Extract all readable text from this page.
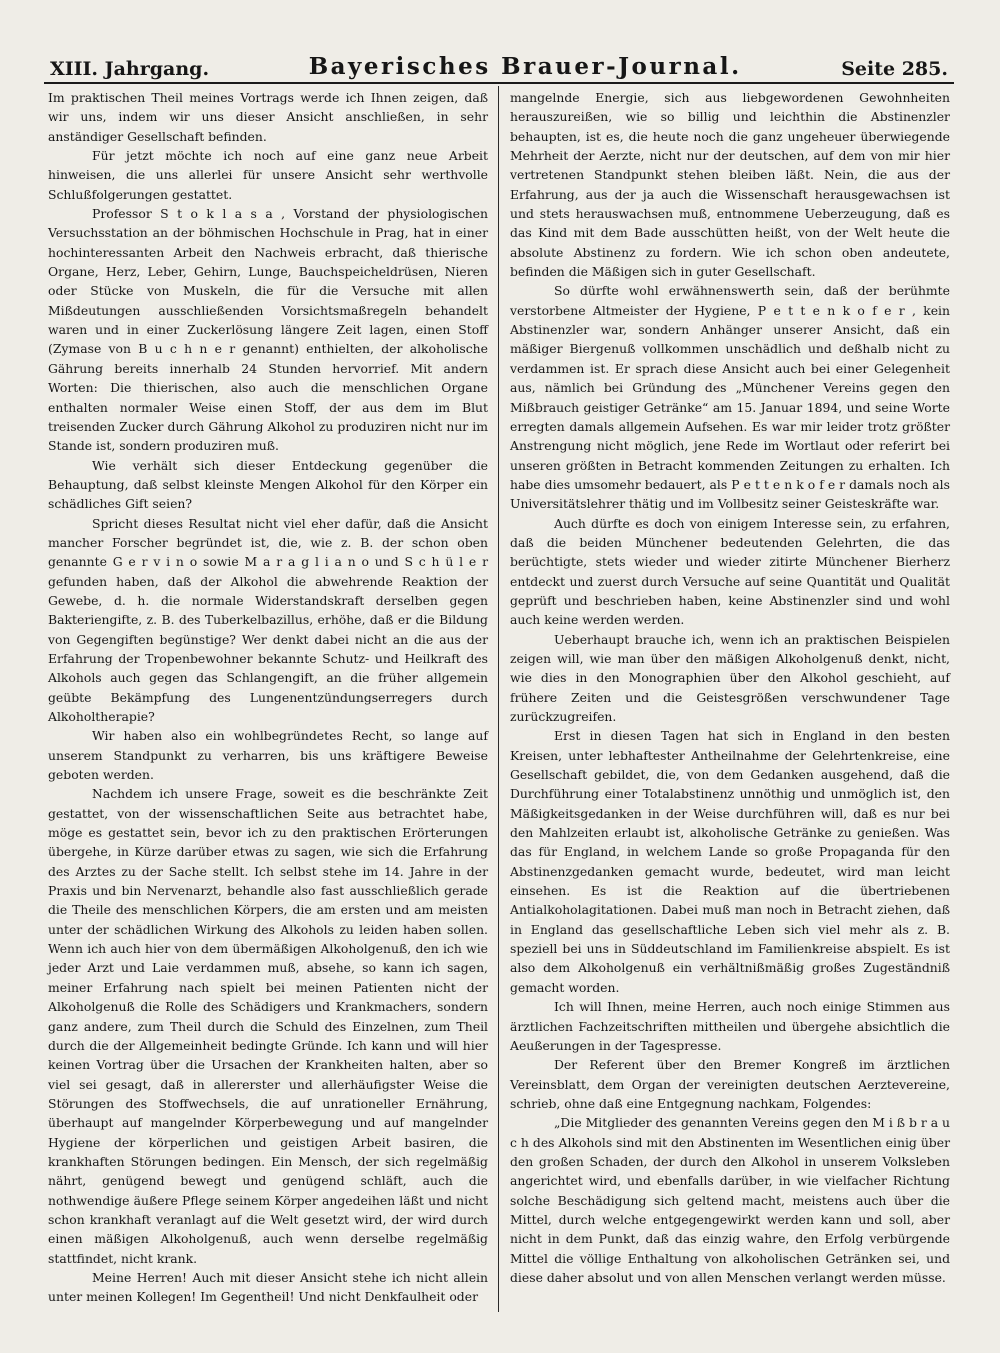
XIII. Jahrgang.	Bayerisches Brauer-Journal.	Seite 285.

Im praktischen Theil meines Vortrags werde ich Ihnen zeigen, daß wir uns, indem wir uns dieser Ansicht anschließen, in sehr anständiger Gesellschaft befinden.

Für jetzt möchte ich noch auf eine ganz neue Arbeit hinweisen, die uns allerlei für unsere Ansicht sehr werthvolle Schlußfolgerungen gestattet.

Professor S t o k l a s a , Vorstand der physiologischen Versuchsstation an der böhmischen Hochschule in Prag, hat in einer hochinteressanten Arbeit den Nachweis erbracht, daß thierische Organe, Herz, Leber, Gehirn, Lunge, Bauchspeicheldrüsen, Nieren oder Stücke von Muskeln, die für die Versuche mit allen Mißdeutungen ausschließenden Vorsichtsmaßregeln behandelt waren und in einer Zuckerlösung längere Zeit lagen, einen Stoff (Zymase von B u c h n e r genannt) enthielten, der alkoholische Gährung bereits innerhalb 24 Stunden hervorrief. Mit andern Worten: Die thierischen, also auch die menschlichen Organe enthalten normaler Weise einen Stoff, der aus dem im Blut treisenden Zucker durch Gährung Alkohol zu produziren nicht nur im Stande ist, sondern produziren muß.

Wie verhält sich dieser Entdeckung gegenüber die Behauptung, daß selbst kleinste Mengen Alkohol für den Körper ein schädliches Gift seien?

Spricht dieses Resultat nicht viel eher dafür, daß die Ansicht mancher Forscher begründet ist, die, wie z. B. der schon oben genannte G e r v i n o sowie M a r a g l i a n o und S c h ü l e r gefunden haben, daß der Alkohol die abwehrende Reaktion der Gewebe, d. h. die normale Widerstandskraft derselben gegen Bakteriengifte, z. B. des Tuberkelbazillus, erhöhe, daß er die Bildung von Gegengiften begünstige? Wer denkt dabei nicht an die aus der Erfahrung der Tropenbewohner bekannte Schutz- und Heilkraft des Alkohols auch gegen das Schlangengift, an die früher allgemein geübte Bekämpfung des Lungenentzündungserregers durch Alkoholtherapie?

Wir haben also ein wohlbegründetes Recht, so lange auf unserem Standpunkt zu verharren, bis uns kräftigere Beweise geboten werden.

Nachdem ich unsere Frage, soweit es die beschränkte Zeit gestattet, von der wissenschaftlichen Seite aus betrachtet habe, möge es gestattet sein, bevor ich zu den praktischen Erörterungen übergehe, in Kürze darüber etwas zu sagen, wie sich die Erfahrung des Arztes zu der Sache stellt. Ich selbst stehe im 14. Jahre in der Praxis und bin Nervenarzt, behandle also fast ausschließlich gerade die Theile des menschlichen Körpers, die am ersten und am meisten unter der schädlichen Wirkung des Alkohols zu leiden haben sollen. Wenn ich auch hier von dem übermäßigen Alkoholgenuß, den ich wie jeder Arzt und Laie verdammen muß, absehe, so kann ich sagen, meiner Erfahrung nach spielt bei meinen Patienten nicht der Alkoholgenuß die Rolle des Schädigers und Krankmachers, sondern ganz andere, zum Theil durch die Schuld des Einzelnen, zum Theil durch die der Allgemeinheit bedingte Gründe. Ich kann und will hier keinen Vortrag über die Ursachen der Krankheiten halten, aber so viel sei gesagt, daß in allererster und allerhäufigster Weise die Störungen des Stoffwechsels, die auf unrationeller Ernährung, überhaupt auf mangelnder Körperbewegung und auf mangelnder Hygiene der körperlichen und geistigen Arbeit basiren, die krankhaften Störungen bedingen. Ein Mensch, der sich regelmäßig nährt, genügend bewegt und genügend schläft, auch die nothwendige äußere Pflege seinem Körper angedeihen läßt und nicht schon krankhaft veranlagt auf die Welt gesetzt wird, der wird durch einen mäßigen Alkoholgenuß, auch wenn derselbe regelmäßig stattfindet, nicht krank.

Meine Herren! Auch mit dieser Ansicht stehe ich nicht allein unter meinen Kollegen! Im Gegentheil! Und nicht Denkfaulheit oder

mangelnde Energie, sich aus liebgewordenen Gewohnheiten herauszureißen, wie so billig und leichthin die Abstinenzler behaupten, ist es, die heute noch die ganz ungeheuer überwiegende Mehrheit der Aerzte, nicht nur der deutschen, auf dem von mir hier vertretenen Standpunkt stehen bleiben läßt. Nein, die aus der Erfahrung, aus der ja auch die Wissenschaft herausgewachsen ist und stets herauswachsen muß, entnommene Ueberzeugung, daß es das Kind mit dem Bade ausschütten heißt, von der Welt heute die absolute Abstinenz zu fordern. Wie ich schon oben andeutete, befinden die Mäßigen sich in guter Gesellschaft.

So dürfte wohl erwähnenswerth sein, daß der berühmte verstorbene Altmeister der Hygiene, P e t t e n k o f e r , kein Abstinenzler war, sondern Anhänger unserer Ansicht, daß ein mäßiger Biergenuß vollkommen unschädlich und deßhalb nicht zu verdammen ist. Er sprach diese Ansicht auch bei einer Gelegenheit aus, nämlich bei Gründung des „Münchener Vereins gegen den Mißbrauch geistiger Getränke“ am 15. Januar 1894, und seine Worte erregten damals allgemein Aufsehen. Es war mir leider trotz größter Anstrengung nicht möglich, jene Rede im Wortlaut oder referirt bei unseren größten in Betracht kommenden Zeitungen zu erhalten. Ich habe dies umsomehr bedauert, als P e t t e n k o f e r damals noch als Universitätslehrer thätig und im Vollbesitz seiner Geisteskräfte war.

Auch dürfte es doch von einigem Interesse sein, zu erfahren, daß die beiden Münchener bedeutenden Gelehrten, die das berüchtigte, stets wieder und wieder zitirte Münchener Bierherz entdeckt und zuerst durch Versuche auf seine Quantität und Qualität geprüft und beschrieben haben, keine Abstinenzler sind und wohl auch keine werden werden.

Ueberhaupt brauche ich, wenn ich an praktischen Beispielen zeigen will, wie man über den mäßigen Alkoholgenuß denkt, nicht, wie dies in den Monographien über den Alkohol geschieht, auf frühere Zeiten und die Geistesgrößen verschwundener Tage zurückzugreifen.

Erst in diesen Tagen hat sich in England in den besten Kreisen, unter lebhaftester Antheilnahme der Gelehrtenkreise, eine Gesellschaft gebildet, die, von dem Gedanken ausgehend, daß die Durchführung einer Totalabstinenz unnöthig und unmöglich ist, den Mäßigkeitsgedanken in der Weise durchführen will, daß es nur bei den Mahlzeiten erlaubt ist, alkoholische Getränke zu genießen. Was das für England, in welchem Lande so große Propaganda für den Abstinenzgedanken gemacht wurde, bedeutet, wird man leicht einsehen. Es ist die Reaktion auf die übertriebenen Antialkoholagitationen. Dabei muß man noch in Betracht ziehen, daß in England das gesellschaftliche Leben sich viel mehr als z. B. speziell bei uns in Süddeutschland im Familienkreise abspielt. Es ist also dem Alkoholgenuß ein verhältnißmäßig großes Zugeständniß gemacht worden.

Ich will Ihnen, meine Herren, auch noch einige Stimmen aus ärztlichen Fachzeitschriften mittheilen und übergehe absichtlich die Aeußerungen in der Tagespresse.

Der Referent über den Bremer Kongreß im ärztlichen Vereinsblatt, dem Organ der vereinigten deutschen Aerztevereine, schrieb, ohne daß eine Entgegnung nachkam, Folgendes:

„Die Mitglieder des genannten Vereins gegen den M i ß b r a u c h des Alkohols sind mit den Abstinenten im Wesentlichen einig über den großen Schaden, der durch den Alkohol in unserem Volksleben angerichtet wird, und ebenfalls darüber, in wie vielfacher Richtung solche Beschädigung sich geltend macht, meistens auch über die Mittel, durch welche entgegengewirkt werden kann und soll, aber nicht in dem Punkt, daß das einzig wahre, den Erfolg verbürgende Mittel die völlige Enthaltung von alkoholischen Getränken sei, und diese daher absolut und von allen Menschen verlangt werden müsse.
